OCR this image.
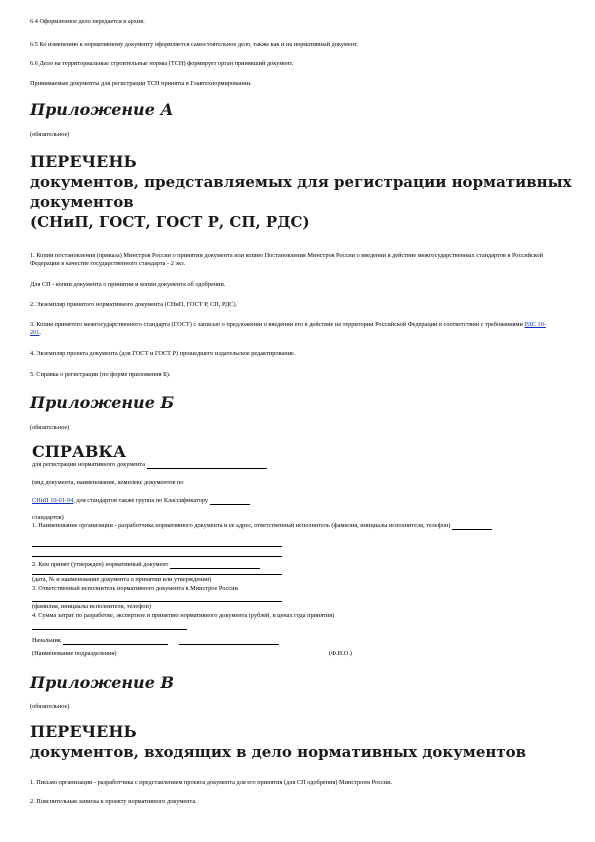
6.4 Оформленное дело передается в архив.

6.5 Ко изменению к нормативному документу оформляется самостоятельное дело, также как и на нормативный документ.

6.6 Дело на территориальные строительные нормы (ТСН) формирует орган принявший документ.

Принимаемые документы для регистрации ТСН приняты в Главтехнормировании.

Приложение А

(обязательное)

ПЕРЕЧЕНЬ
документов, представляемых для регистрации нормативных
документов
(СНиП, ГОСТ, ГОСТ Р, СП, РДС)

1. Копии постановления (приказа) Минстроя России о принятии документа или копию Постановления Минстроя России о введении в действие межгосударственных стандартов в Российской Федерации в качестве государственного стандарта - 2 экз.

Для СП - копии документа о принятии и копии документа об одобрении.

2. Экземпляр принятого нормативного документа (СНиП, ГОСТ Р, СП, РДС).

3. Копия принятого межгосударственного стандарта (ГОСТ) с записью о предложении о введении его в действие на территории Российской Федерации в соответствии с требованиями РДС 10-201.

4. Экземпляр проекта документа (для ГОСТ и ГОСТ Р) прошедшего издательское редактирование.

5. Справка о регистрации (по форме приложения Б).

Приложение Б

(обязательное)

СПРАВКА

для регистрации нормативного документа

(вид документа, наименование, комплекс документов по

СНиП 10-01-94, для стандартов также группа по Классификатору

стандартов)

1. Наименование организации - разработчика нормативного документа и ее адрес, ответственный исполнитель (фамилия, инициалы исполнителя, телефон)

2. Кем принят (утвержден) нормативный документ

(дата, № и наименование документа о принятии или утверждении)

3. Ответственный исполнитель нормативного документа в Минстрое России

(фамилия, инициалы исполнителя, телефон)

4. Сумма затрат по разработке, экспертизе и принятию нормативного документа (рублей, в ценах года принятия)

Начальник

(Наименование подразделения)	(Ф.И.О.)

Приложение В

(обязательное)

ПЕРЕЧЕНЬ
документов, входящих в дело нормативных документов

1. Письмо организации - разработчика с представлением проекта документа для его принятия (для СП одобрения) Минстроем России.

2. Пояснительная записка к проекту нормативного документа.
